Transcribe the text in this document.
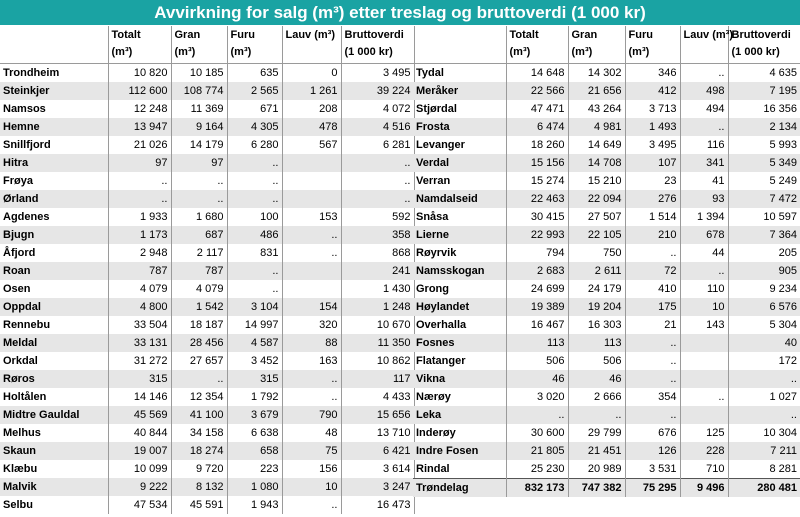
Avvirkning for salg (m³) etter treslag og bruttoverdi (1 000 kr)
	Totalt
(m³)	Gran
(m³)	Furu
(m³)	Lauv (m³)	Bruttoverdi
(1 000 kr)
Trondheim	10 820	10 185	635	0	3 495
Steinkjer	112 600	108 774	2 565	1 261	39 224
Namsos	12 248	11 369	671	208	4 072
Hemne	13 947	9 164	4 305	478	4 516
Snillfjord	21 026	14 179	6 280	567	6 281
Hitra	97	97	..		..
Frøya	..	..	..		..
Ørland	..	..	..		..
Agdenes	1 933	1 680	100	153	592
Bjugn	1 173	687	486	..	358
Åfjord	2 948	2 117	831	..	868
Roan	787	787	..		241
Osen	4 079	4 079	..		1 430
Oppdal	4 800	1 542	3 104	154	1 248
Rennebu	33 504	18 187	14 997	320	10 670
Meldal	33 131	28 456	4 587	88	11 350
Orkdal	31 272	27 657	3 452	163	10 862
Røros	315	..	315	..	117
Holtålen	14 146	12 354	1 792	..	4 433
Midtre Gauldal	45 569	41 100	3 679	790	15 656
Melhus	40 844	34 158	6 638	48	13 710
Skaun	19 007	18 274	658	75	6 421
Klæbu	10 099	9 720	223	156	3 614
Malvik	9 222	8 132	1 080	10	3 247
Selbu	47 534	45 591	1 943	..	16 473
	Totalt
(m³)	Gran
(m³)	Furu
(m³)	Lauv (m³)	Bruttoverdi
(1 000 kr)
Tydal	14 648	14 302	346	..	4 635
Meråker	22 566	21 656	412	498	7 195
Stjørdal	47 471	43 264	3 713	494	16 356
Frosta	6 474	4 981	1 493	..	2 134
Levanger	18 260	14 649	3 495	116	5 993
Verdal	15 156	14 708	107	341	5 349
Verran	15 274	15 210	23	41	5 249
Namdalseid	22 463	22 094	276	93	7 472
Snåsa	30 415	27 507	1 514	1 394	10 597
Lierne	22 993	22 105	210	678	7 364
Røyrvik	794	750	..	44	205
Namsskogan	2 683	2 611	72	..	905
Grong	24 699	24 179	410	110	9 234
Høylandet	19 389	19 204	175	10	6 576
Overhalla	16 467	16 303	21	143	5 304
Fosnes	113	113	..		40
Flatanger	506	506	..		172
Vikna	46	46	..		..
Nærøy	3 020	2 666	354	..	1 027
Leka	..	..	..		..
Inderøy	30 600	29 799	676	125	10 304
Indre Fosen	21 805	21 451	126	228	7 211
Rindal	25 230	20 989	3 531	710	8 281
Trøndelag	832 173	747 382	75 295	9 496	280 481
